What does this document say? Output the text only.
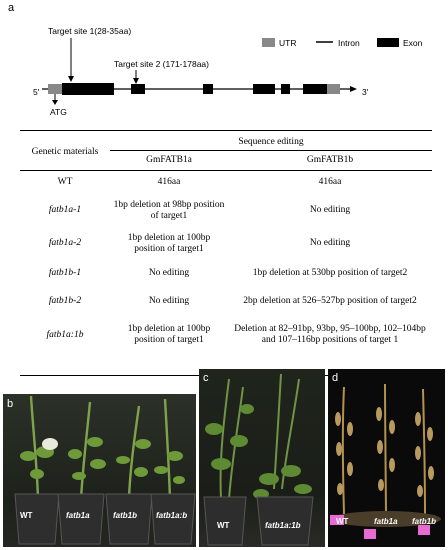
a
Target site 1(28-35aa)
Target site 2 (171-178aa)
5'	3'
ATG
UTR	Intron	Exon
Genetic materials	Sequence editing	
	GmFATB1a	GmFATB1b
WT	416aa	416aa
fatb1a-1	1bp deletion at 98bp position of target1	No editing
fatb1a-2	1bp deletion at 100bp position of target1	No editing
fatb1b-1	No editing	1bp deletion at 530bp position of target2
fatb1b-2	No editing	2bp deletion at 526–527bp position of target2
fatb1a:1b	1bp deletion at 100bp position of target1	Deletion at 82–91bp, 93bp, 95–100bp, 102–104bp and 107–116bp positions of target 1
WT	fatb1a	fatb1b fatb1a:b
b
WT	fatb1a:1b
c
WT	fatb1a fatb1b
d
